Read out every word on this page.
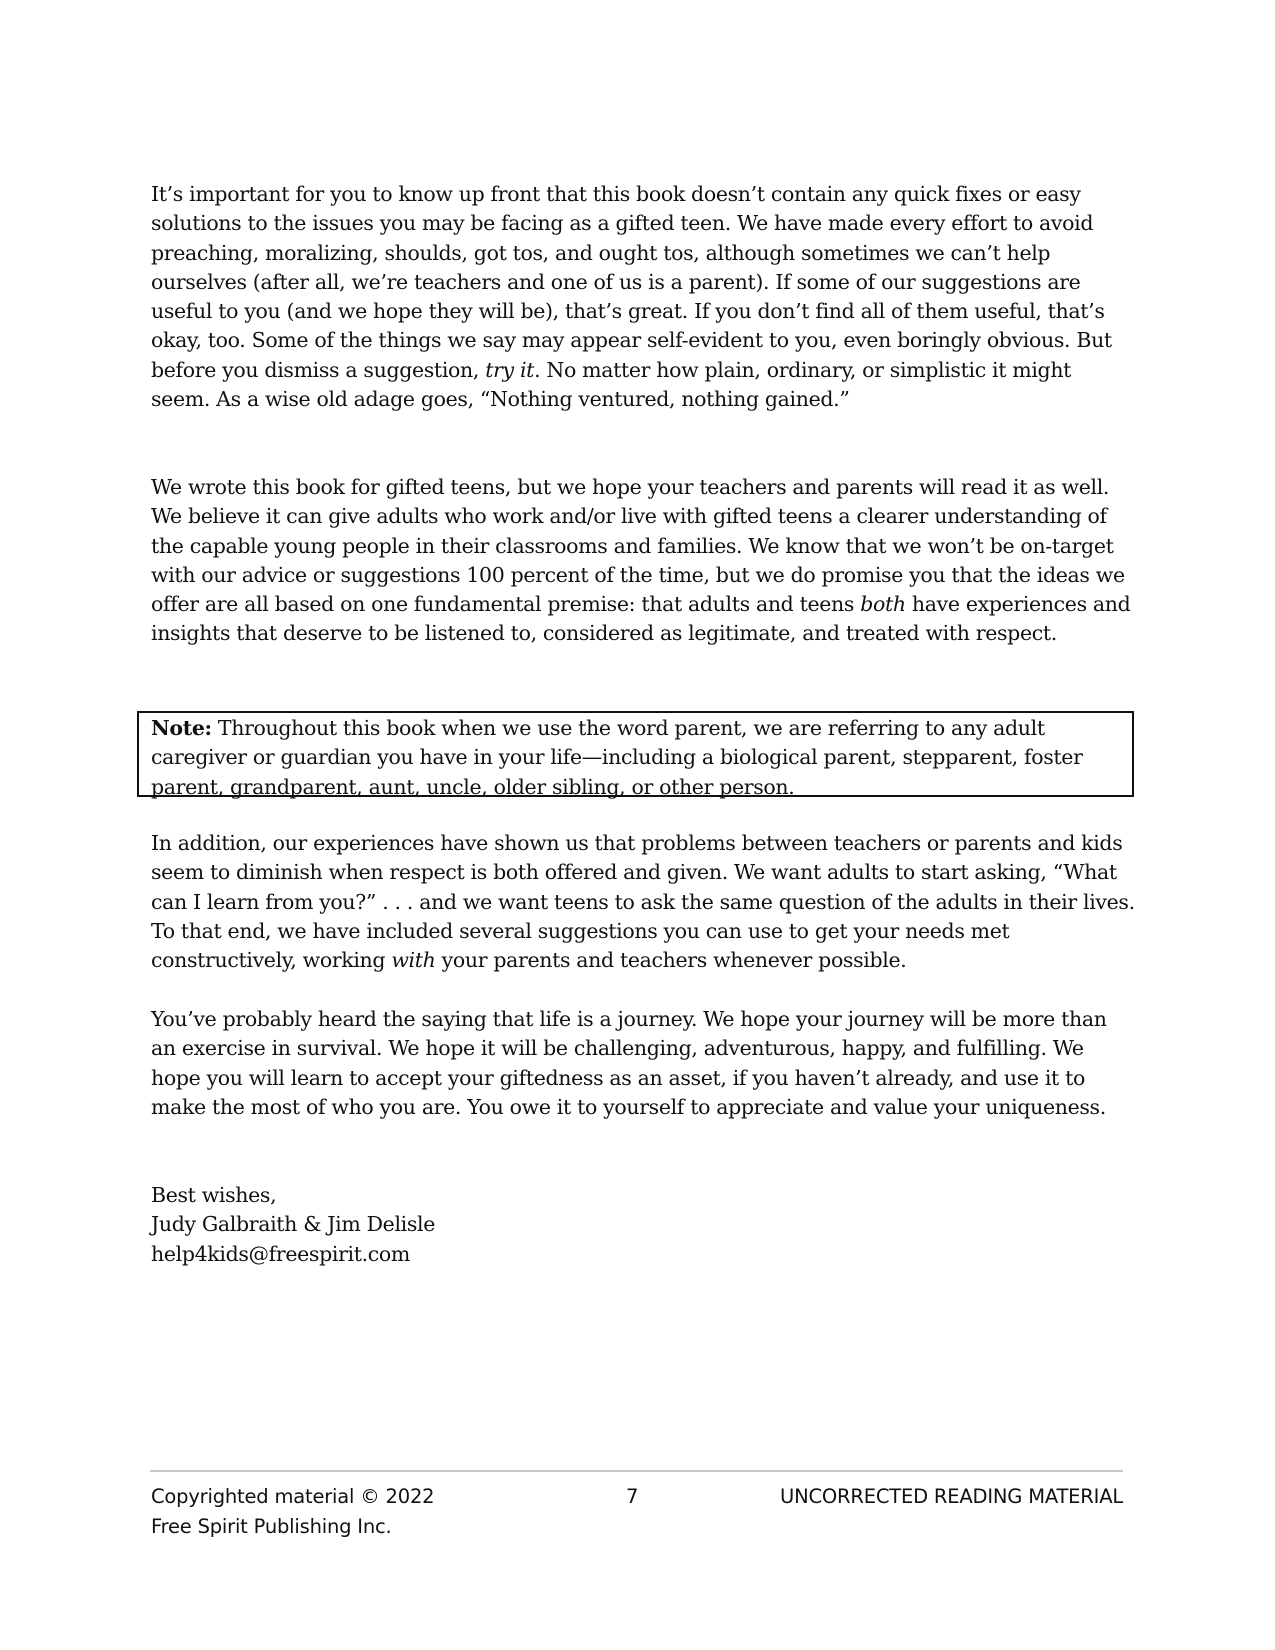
It’s important for you to know up front that this book doesn’t contain any quick fixes or easy solutions to the issues you may be facing as a gifted teen. We have made every effort to avoid preaching, moralizing, shoulds, got tos, and ought tos, although sometimes we can’t help ourselves (after all, we’re teachers and one of us is a parent). If some of our suggestions are useful to you (and we hope they will be), that’s great. If you don’t find all of them useful, that’s okay, too. Some of the things we say may appear self-evident to you, even boringly obvious. But before you dismiss a suggestion, try it. No matter how plain, ordinary, or simplistic it might seem. As a wise old adage goes, “Nothing ventured, nothing gained.”

We wrote this book for gifted teens, but we hope your teachers and parents will read it as well. We believe it can give adults who work and/or live with gifted teens a clearer understanding of the capable young people in their classrooms and families. We know that we won’t be on-target with our advice or suggestions 100 percent of the time, but we do promise you that the ideas we offer are all based on one fundamental premise: that adults and teens both have experiences and insights that deserve to be listened to, considered as legitimate, and treated with respect.

Note: Throughout this book when we use the word parent, we are referring to any adult caregiver or guardian you have in your life—including a biological parent, stepparent, foster parent, grandparent, aunt, uncle, older sibling, or other person.

In addition, our experiences have shown us that problems between teachers or parents and kids seem to diminish when respect is both offered and given. We want adults to start asking, “What can I learn from you?” . . . and we want teens to ask the same question of the adults in their lives. To that end, we have included several suggestions you can use to get your needs met constructively, working with your parents and teachers whenever possible.

You’ve probably heard the saying that life is a journey. We hope your journey will be more than an exercise in survival. We hope it will be challenging, adventurous, happy, and fulfilling. We hope you will learn to accept your giftedness as an asset, if you haven’t already, and use it to make the most of who you are. You owe it to yourself to appreciate and value your uniqueness.

Best wishes,
Judy Galbraith & Jim Delisle
help4kids@freespirit.com
Copyrighted material © 2022
Free Spirit Publishing Inc.
7	UNCORRECTED READING MATERIAL
